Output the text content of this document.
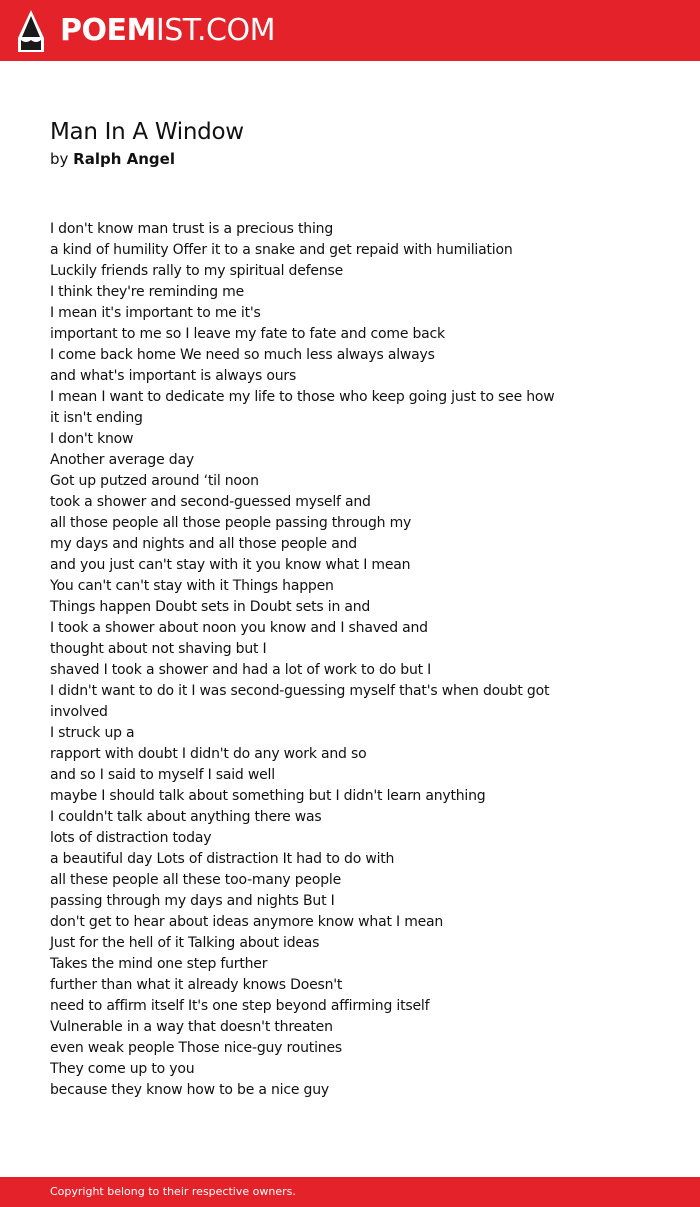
POEMIST.COM
Man In A Window
by Ralph Angel
I don't know man trust is a precious thing
a kind of humility Offer it to a snake and get repaid with humiliation
Luckily friends rally to my spiritual defense
I think they're reminding me
I mean it's important to me it's
important to me so I leave my fate to fate and come back
I come back home We need so much less always always
and what's important is always ours
I mean I want to dedicate my life to those who keep going just to see how
it isn't ending
I don't know
Another average day
Got up putzed around ‘til noon
took a shower and second-guessed myself and
all those people all those people passing through my
my days and nights and all those people and
and you just can't stay with it you know what I mean
You can't can't stay with it Things happen
Things happen Doubt sets in Doubt sets in and
I took a shower about noon you know and I shaved and
thought about not shaving but I
shaved I took a shower and had a lot of work to do but I
I didn't want to do it I was second-guessing myself that's when doubt got
involved
I struck up a
rapport with doubt I didn't do any work and so
and so I said to myself I said well
maybe I should talk about something but I didn't learn anything
I couldn't talk about anything there was
lots of distraction today
a beautiful day Lots of distraction It had to do with
all these people all these too-many people
passing through my days and nights But I
don't get to hear about ideas anymore know what I mean
Just for the hell of it Talking about ideas
Takes the mind one step further
further than what it already knows Doesn't
need to affirm itself It's one step beyond affirming itself
Vulnerable in a way that doesn't threaten
even weak people Those nice-guy routines
They come up to you
because they know how to be a nice guy
Copyright belong to their respective owners.
